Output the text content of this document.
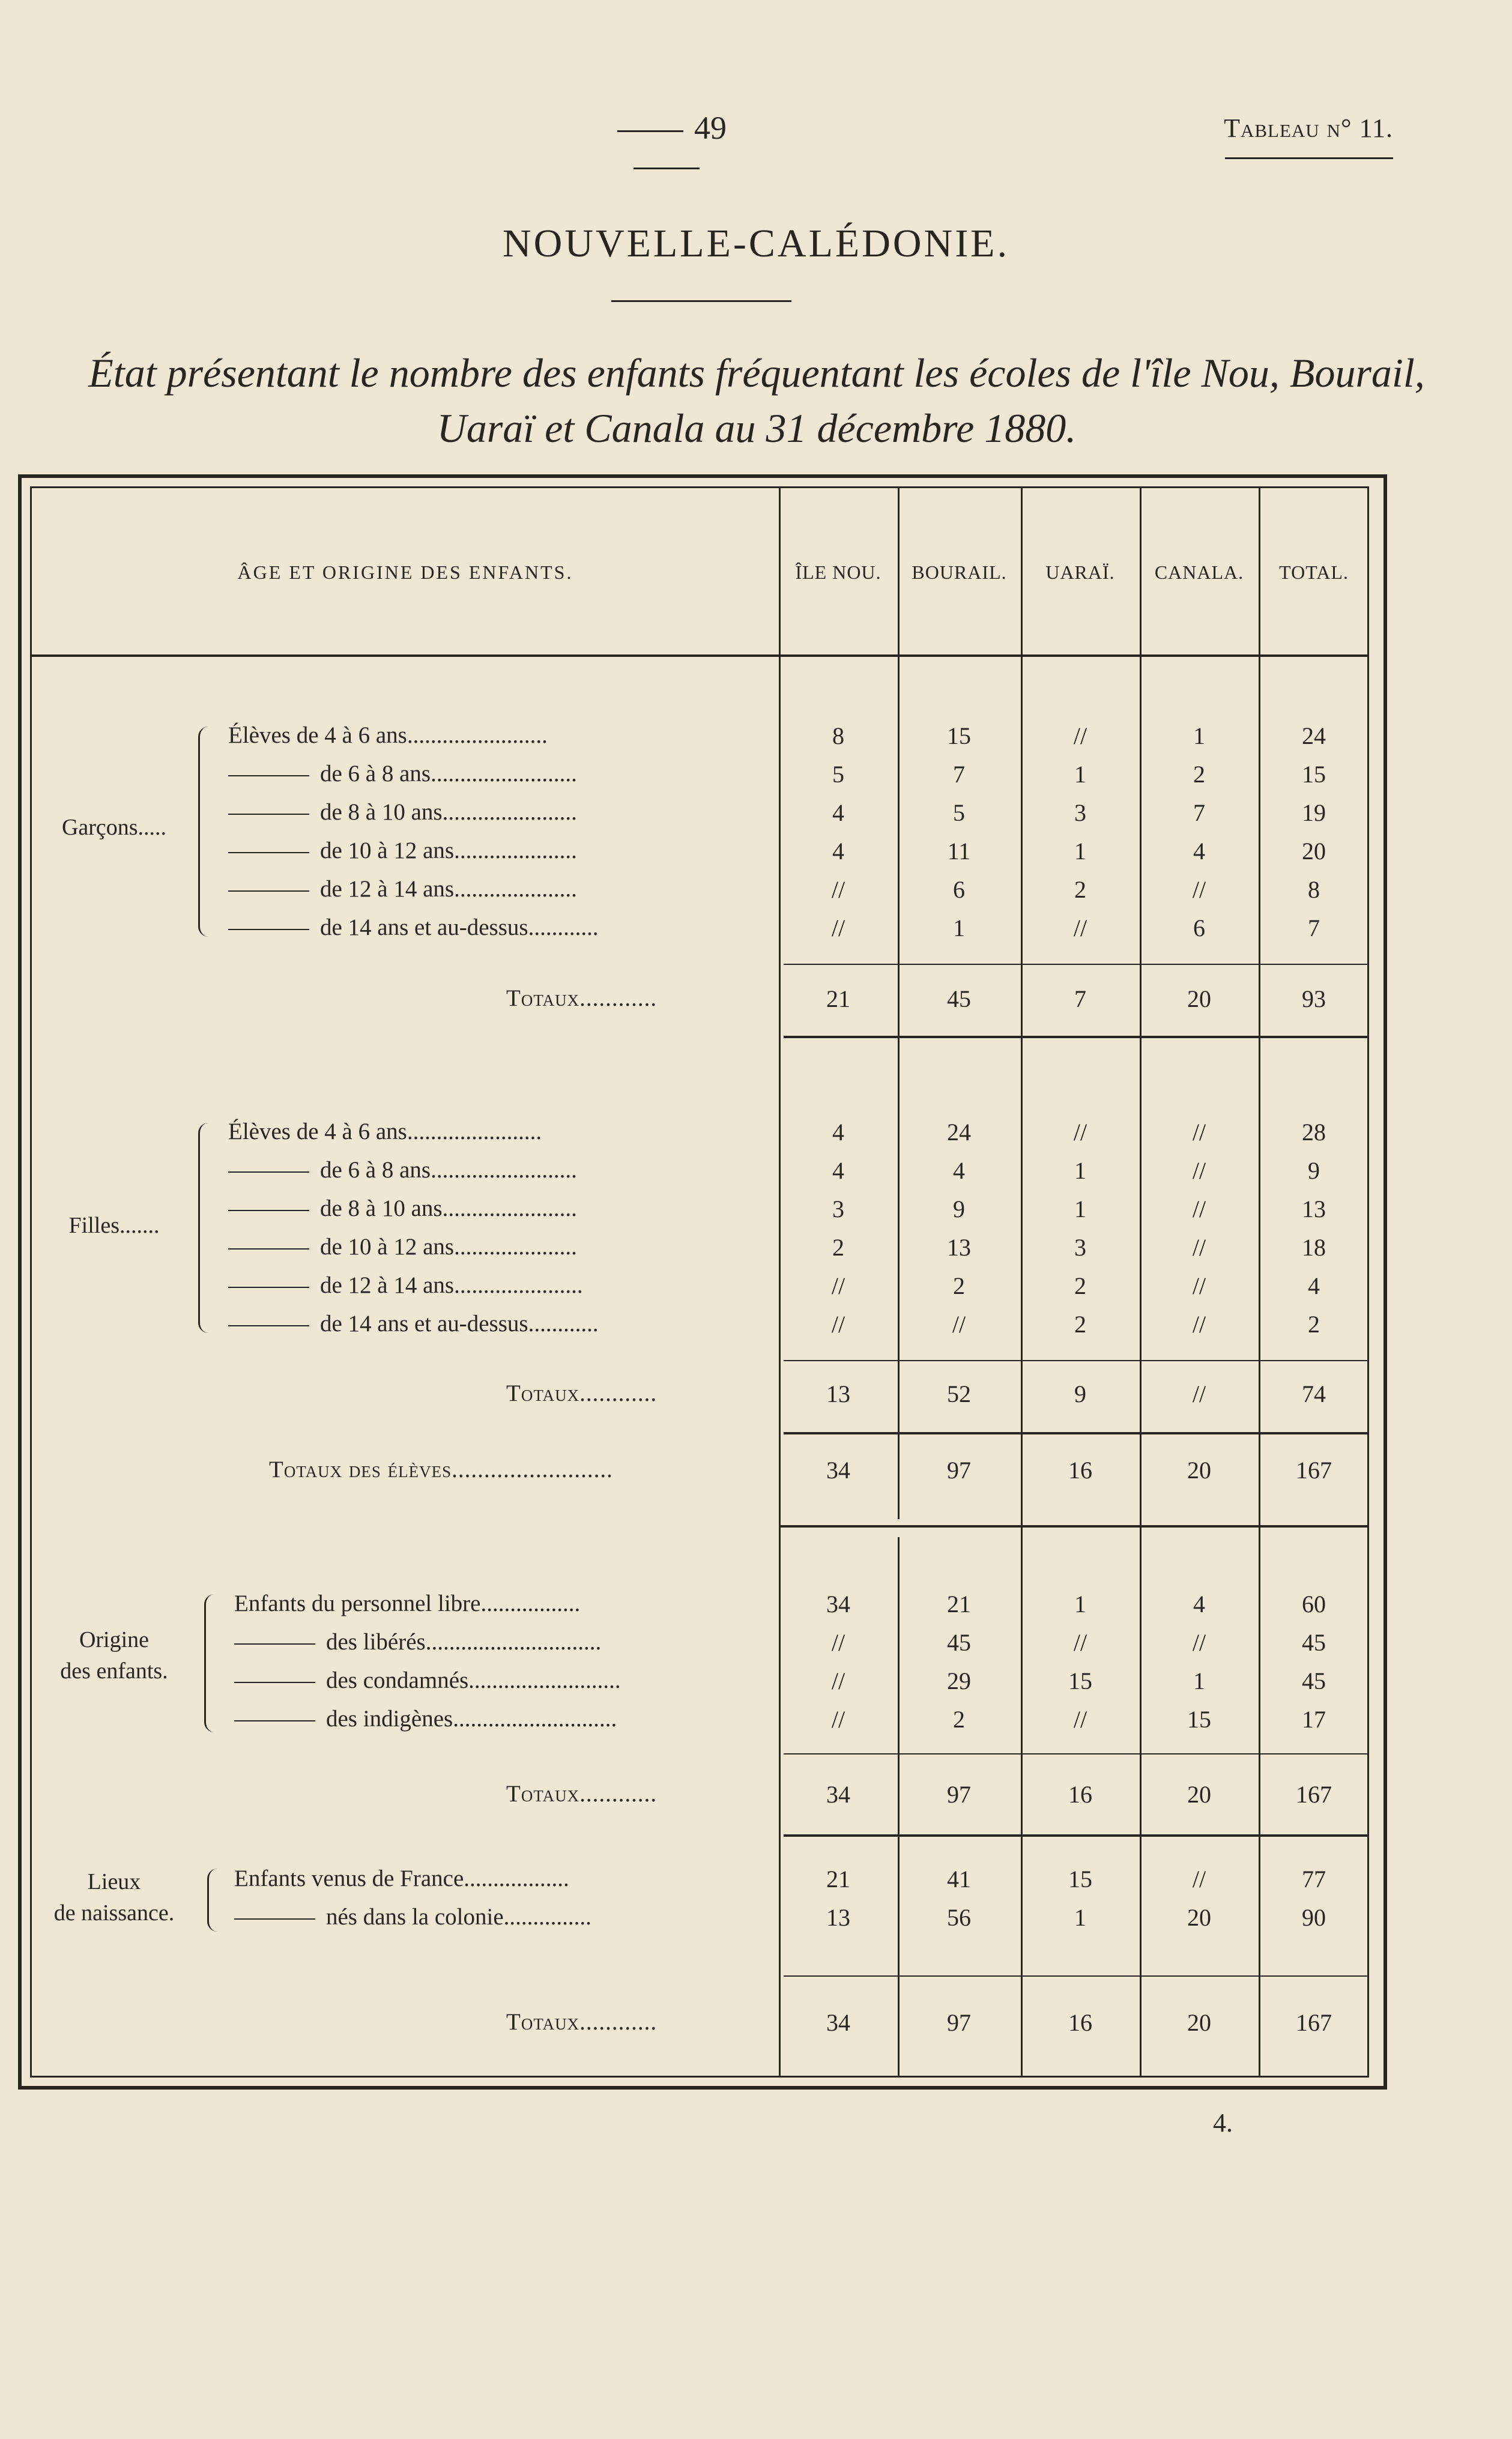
49	Tableau n° 11.
NOUVELLE-CALÉDONIE.
État présentant le nombre des enfants fréquentant les écoles de l'île Nou, Bourail,
Uaraï et Canala au 31 décembre 1880.
ÂGE ET ORIGINE DES ENFANTS.	ÎLE NOU.	BOURAIL.	UARAÏ.	CANALA.	TOTAL.
Garçons.....
Élèves de 4 à 6 ans........................	8	15	//	1	24
de 6 à 8 ans.........................	5	7	1	2	15
de 8 à 10 ans.......................	4	5	3	7	19
de 10 à 12 ans.....................	4	11	1	4	20
de 12 à 14 ans.....................	//	6	2	//	8
de 14 ans et au-dessus............	//	1	//	6	7
Totaux............	21	45	7	20	93
Filles.......
Élèves de 4 à 6 ans.......................	4	24	//	//	28
de 6 à 8 ans.........................	4	4	1	//	9
de 8 à 10 ans.......................	3	9	1	//	13
de 10 à 12 ans.....................	2	13	3	//	18
de 12 à 14 ans......................	//	2	2	//	4
de 14 ans et au-dessus............	//	//	2	//	2
Totaux............	13	52	9	//	74
Totaux des élèves.........................	34	97	16	20	167
Origine
des enfants.
Enfants du personnel libre.................	34	21	1	4	60
des libérés..............................	//	45	//	//	45
des condamnés..........................	//	29	15	1	45
des indigènes............................	//	2	//	15	17
Totaux............	34	97	16	20	167
Lieux
de naissance.
Enfants venus de France..................	21	41	15	//	77
nés dans la colonie...............	13	56	1	20	90
Totaux............	34	97	16	20	167
4.
